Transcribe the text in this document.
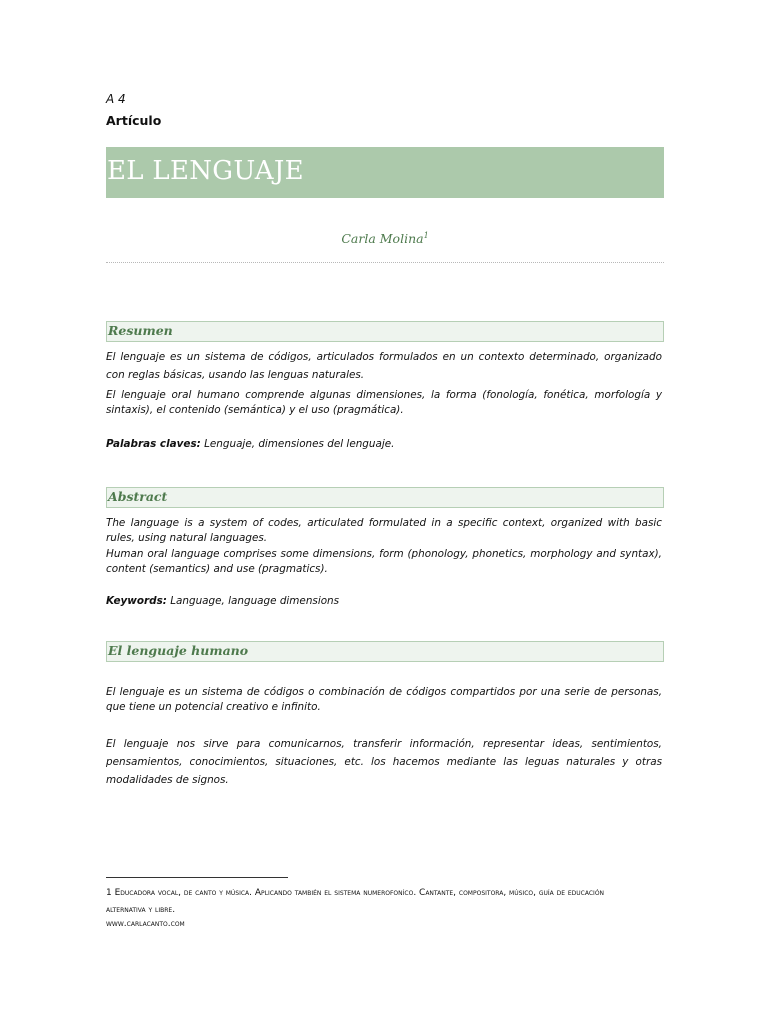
A 4
Artículo
EL LENGUAJE
Carla Molina$^1$
Resumen
El lenguaje es un sistema de códigos, articulados formulados en un contexto determinado, organizado con reglas básicas, usando las lenguas naturales.
El lenguaje oral humano comprende algunas dimensiones, la forma (fonología, fonética, morfología y sintaxis), el contenido (semántica) y el uso (pragmática).
Palabras claves: Lenguaje, dimensiones del lenguaje.
Abstract
The language is a system of codes, articulated formulated in a specific context, organized with basic rules, using natural languages.
Human oral language comprises some dimensions, form (phonology, phonetics, morphology and syntax), content (semantics) and use (pragmatics).
Keywords: Language, language dimensions
El lenguaje humano
El lenguaje es un sistema de códigos o combinación de códigos compartidos por una serie de personas, que tiene un potencial creativo e infinito.
El lenguaje nos sirve para comunicarnos, transferir información, representar ideas, sentimientos, pensamientos, conocimientos, situaciones, etc. los hacemos mediante las leguas naturales y otras modalidades de signos.
1 Educadora vocal, de canto y música. Aplicando también el sistema numerofoníco. Cantante, compositora, músico, guía de educación alternativa y libre.
www.carlacanto.com
